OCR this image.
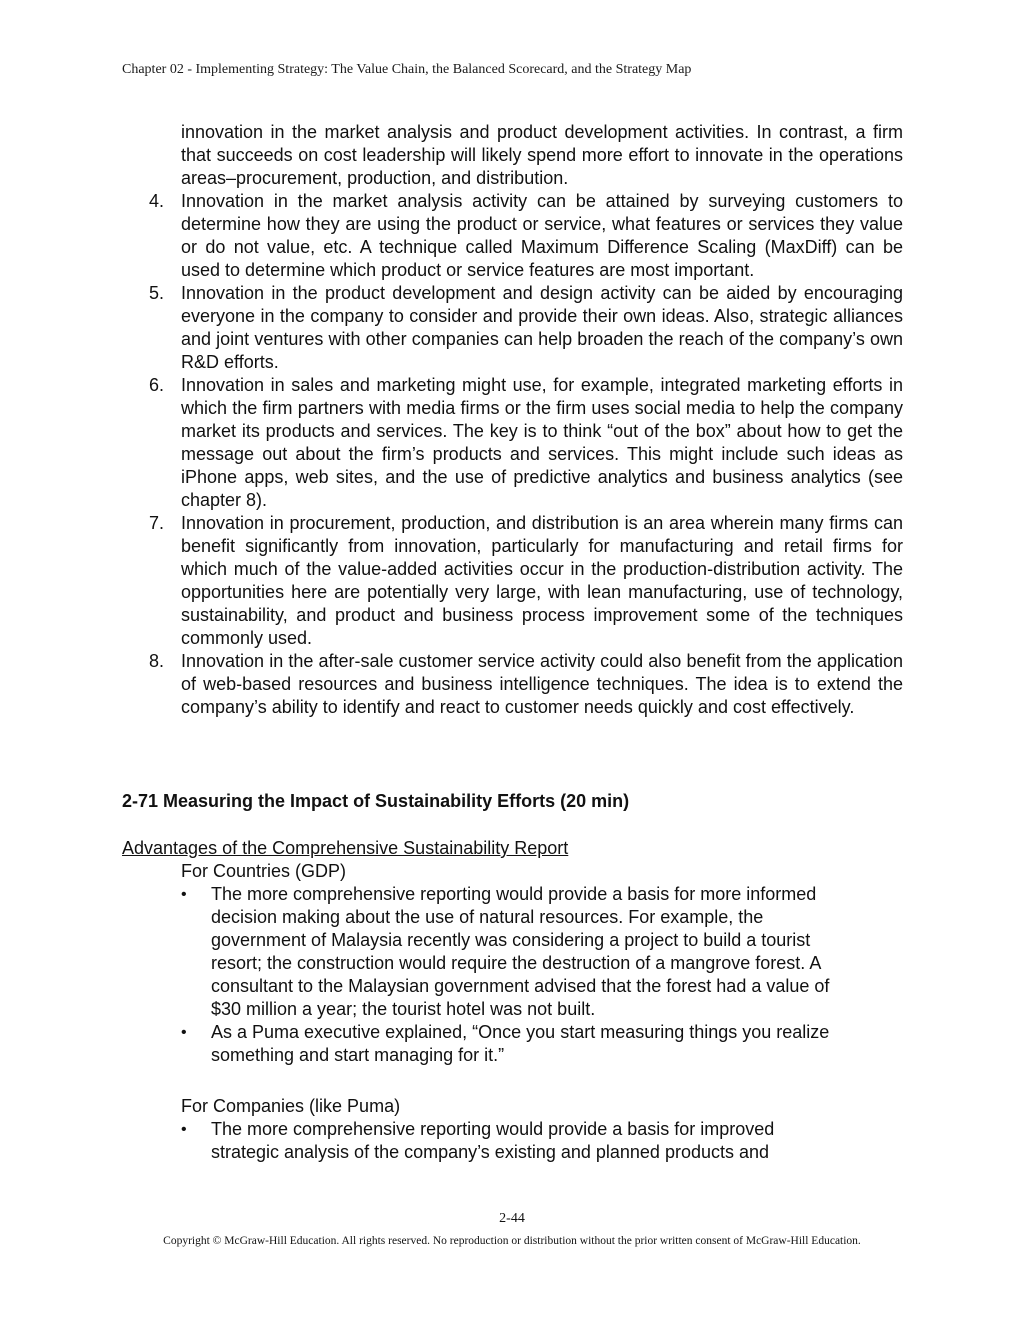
Chapter 02 - Implementing Strategy: The Value Chain, the Balanced Scorecard, and the Strategy Map

innovation in the market analysis and product development activities. In contrast, a firm that succeeds on cost leadership will likely spend more effort to innovate in the operations areas–procurement, production, and distribution.

4. Innovation in the market analysis activity can be attained by surveying customers to determine how they are using the product or service, what features or services they value or do not value, etc. A technique called Maximum Difference Scaling (MaxDiff) can be used to determine which product or service features are most important.
5. Innovation in the product development and design activity can be aided by encouraging everyone in the company to consider and provide their own ideas. Also, strategic alliances and joint ventures with other companies can help broaden the reach of the company’s own R&D efforts.
6. Innovation in sales and marketing might use, for example, integrated marketing efforts in which the firm partners with media firms or the firm uses social media to help the company market its products and services. The key is to think “out of the box” about how to get the message out about the firm’s products and services. This might include such ideas as iPhone apps, web sites, and the use of predictive analytics and business analytics (see chapter 8).
7. Innovation in procurement, production, and distribution is an area wherein many firms can benefit significantly from innovation, particularly for manufacturing and retail firms for which much of the value-added activities occur in the production-distribution activity. The opportunities here are potentially very large, with lean manufacturing, use of technology, sustainability, and product and business process improvement some of the techniques commonly used.
8. Innovation in the after-sale customer service activity could also benefit from the application of web-based resources and business intelligence techniques. The idea is to extend the company’s ability to identify and react to customer needs quickly and cost effectively.
2-71 Measuring the Impact of Sustainability Efforts (20 min)

Advantages of the Comprehensive Sustainability Report

For Countries (GDP)

•	The more comprehensive reporting would provide a basis for more informed
decision making about the use of natural resources. For example, the
government of Malaysia recently was considering a project to build a tourist
resort; the construction would require the destruction of a mangrove forest. A
consultant to the Malaysian government advised that the forest had a value of
$30 million a year; the tourist hotel was not built.
•	As a Puma executive explained, “Once you start measuring things you realize
something and start managing for it.”

For Companies (like Puma)

•	The more comprehensive reporting would provide a basis for improved
strategic analysis of the company’s existing and planned products and
2-44
Copyright © McGraw-Hill Education. All rights reserved. No reproduction or distribution without the prior written consent of McGraw-Hill Education.
